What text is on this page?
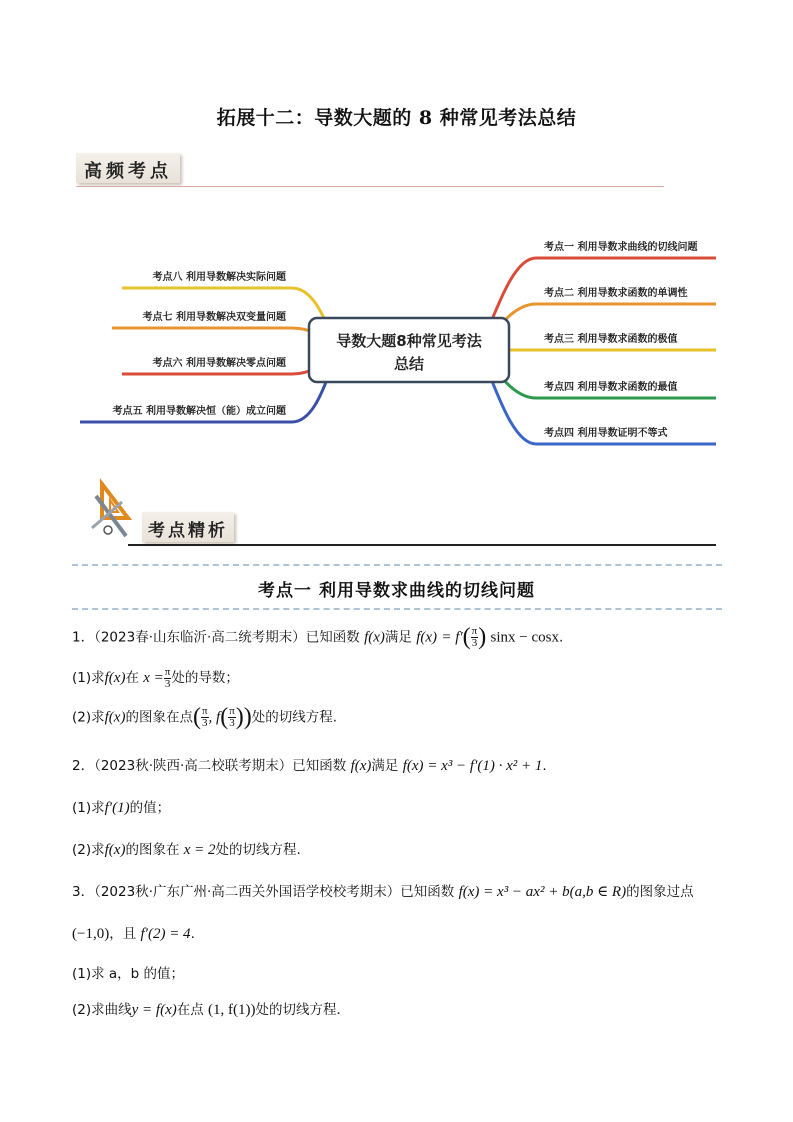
拓展十二：导数大题的 8 种常见考法总结
高频考点
导数大题8种常见考法
总结
考点一 利用导数求曲线的切线问题
考点二 利用导数求函数的单调性
考点三 利用导数求函数的极值
考点四 利用导数求函数的最值
考点四 利用导数证明不等式
考点八 利用导数解决实际问题
考点七 利用导数解决双变量问题
考点六 利用导数解决零点问题
考点五 利用导数解决恒（能）成立问题
考点精析
考点一 利用导数求曲线的切线问题
1．（2023春·山东临沂·高二统考期末）已知函数 f(x)满足 $f(x) = f'( \frac{\pi}{3}$ ) sinx − cosx.
(1)求f(x)在 $x = \frac{\pi}{3}$ 处的导数；
(2)求f(x)的图象在点( $\frac{\pi}{3}$ , $f( \frac{\pi}{3}$ ))处的切线方程.
2．（2023秋·陕西·高二校联考期末）已知函数 f(x)满足 f(x) = x³ − f′(1) · x² + 1.
(1)求f′(1)的值；
(2)求f(x)的图象在 x = 2处的切线方程.
3．（2023秋·广东广州·高二西关外国语学校校考期末）已知函数 f(x) = x³ − ax² + b(a,b ∈ R)的图象过点
(−1,0)，且 f′(2) = 4.
(1)求 a，b 的值；
(2)求曲线y = f(x)在点 (1, f(1))处的切线方程．
